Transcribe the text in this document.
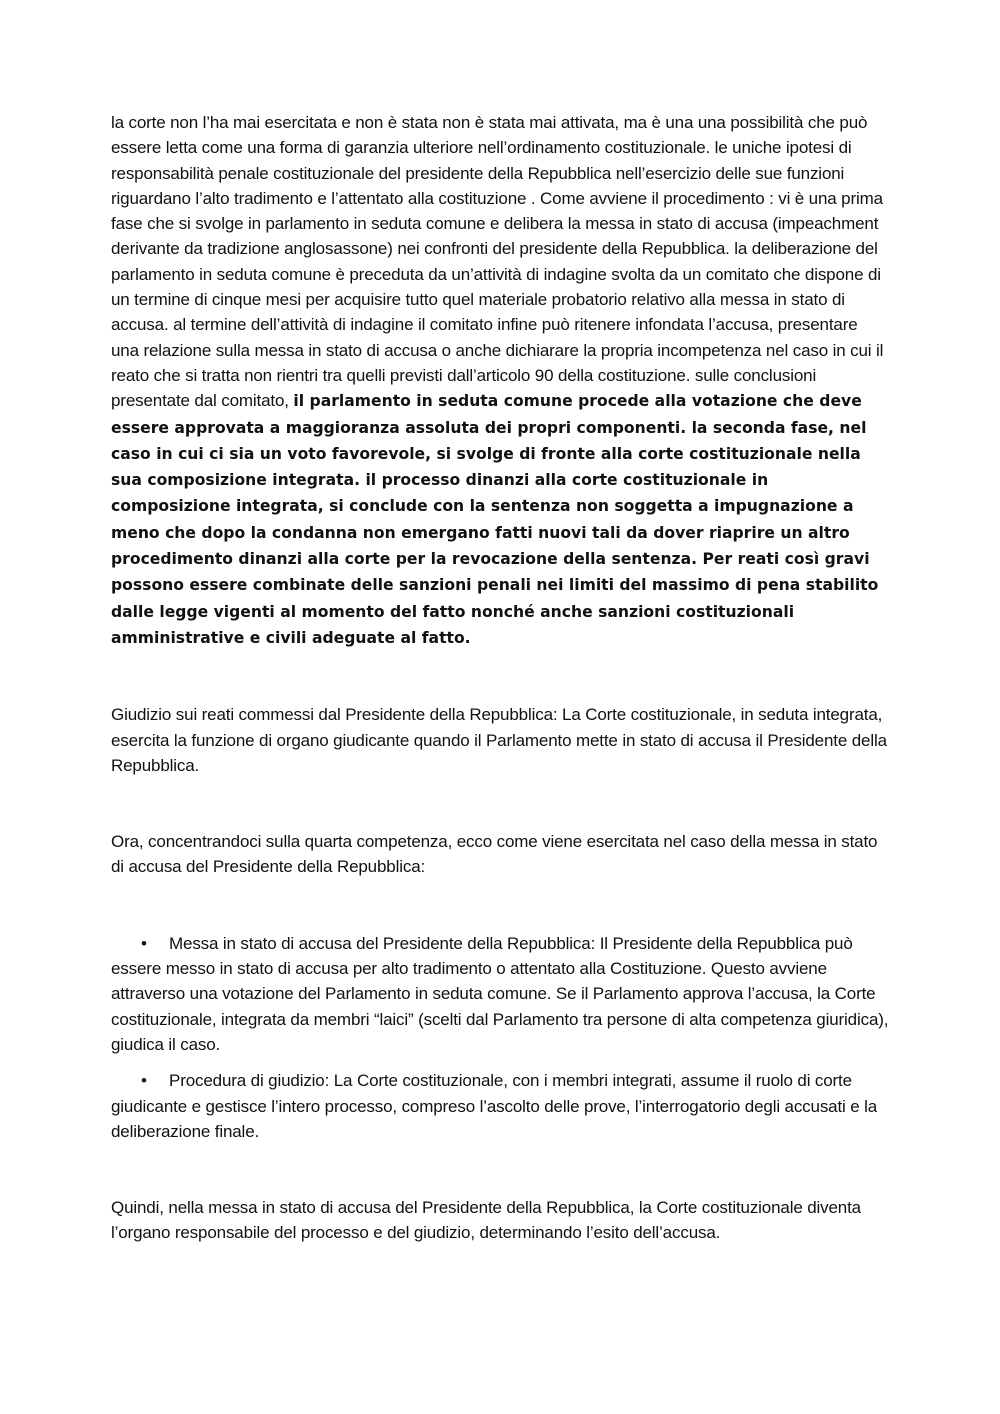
la corte non l’ha mai esercitata e non è stata non è stata mai attivata, ma è una una possibilità che può essere letta come una forma di garanzia ulteriore nell’ordinamento costituzionale. le uniche ipotesi di responsabilità penale costituzionale del presidente della Repubblica nell’esercizio delle sue funzioni riguardano l’alto tradimento e l’attentato alla costituzione . Come avviene il procedimento : vi è una prima fase che si svolge in parlamento in seduta comune e delibera la messa in stato di accusa (impeachment derivante da tradizione anglosassone) nei confronti del presidente della Repubblica. la deliberazione del parlamento in seduta comune è preceduta da un’attività di indagine svolta da un comitato che dispone di un termine di cinque mesi per acquisire tutto quel materiale probatorio relativo alla messa in stato di accusa. al termine dell’attività di indagine il comitato infine può ritenere infondata l’accusa, presentare una relazione sulla messa in stato di accusa o anche dichiarare la propria incompetenza nel caso in cui il reato che si tratta non rientri tra quelli previsti dall’articolo 90 della costituzione. sulle conclusioni presentate dal comitato, il parlamento in seduta comune procede alla votazione che deve essere approvata a maggioranza assoluta dei propri componenti. la seconda fase, nel caso in cui ci sia un voto favorevole, si svolge di fronte alla corte costituzionale nella sua composizione integrata. il processo dinanzi alla corte costituzionale in composizione integrata, si conclude con la sentenza non soggetta a impugnazione a meno che dopo la condanna non emergano fatti nuovi tali da dover riaprire un altro procedimento dinanzi alla corte per la revocazione della sentenza. Per reati così gravi possono essere combinate delle sanzioni penali nei limiti del massimo di pena stabilito dalle legge vigenti al momento del fatto nonché anche sanzioni costituzionali amministrative e civili adeguate al fatto.

Giudizio sui reati commessi dal Presidente della Repubblica: La Corte costituzionale, in seduta integrata, esercita la funzione di organo giudicante quando il Parlamento mette in stato di accusa il Presidente della Repubblica.

Ora, concentrandoci sulla quarta competenza, ecco come viene esercitata nel caso della messa in stato di accusa del Presidente della Repubblica:

• Messa in stato di accusa del Presidente della Repubblica: Il Presidente della Repubblica può essere messo in stato di accusa per alto tradimento o attentato alla Costituzione. Questo avviene attraverso una votazione del Parlamento in seduta comune. Se il Parlamento approva l’accusa, la Corte costituzionale, integrata da membri “laici” (scelti dal Parlamento tra persone di alta competenza giuridica), giudica il caso.
• Procedura di giudizio: La Corte costituzionale, con i membri integrati, assume il ruolo di corte giudicante e gestisce l’intero processo, compreso l’ascolto delle prove, l’interrogatorio degli accusati e la deliberazione finale.

Quindi, nella messa in stato di accusa del Presidente della Repubblica, la Corte costituzionale diventa l’organo responsabile del processo e del giudizio, determinando l’esito dell’accusa.
